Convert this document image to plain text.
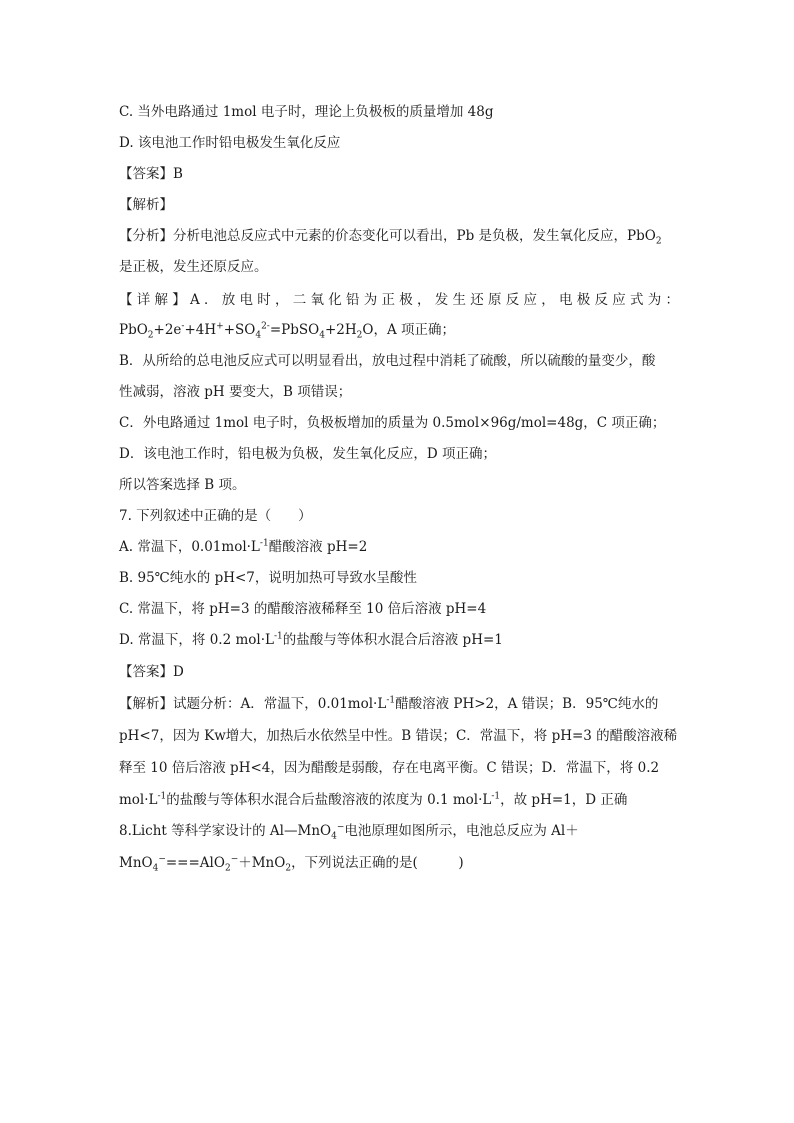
C. 当外电路通过 1mol 电子时，理论上负极板的质量增加 48g
D. 该电池工作时铅电极发生氧化反应
【答案】B
【解析】
【分析】分析电池总反应式中元素的价态变化可以看出，Pb 是负极，发生氧化反应，PbO$_2$
是正极，发生还原反应。
【详解】A．放电时，二氧化铅为正极，发生还原反应，电极反应式为：
$PbO_2+2e^-+4H^++SO_4^{2-}=PbSO_4+2H_2O$，A 项正确；
B．从所给的总电池反应式可以明显看出，放电过程中消耗了硫酸，所以硫酸的量变少，酸
性减弱，溶液 pH 要变大，B 项错误；
C．外电路通过 1mol 电子时，负极板增加的质量为 0.5mol×96g/mol=48g，C 项正确；
D．该电池工作时，铅电极为负极，发生氧化反应，D 项正确；
所以答案选择 B 项。
7. 下列叙述中正确的是（　　）
A. 常温下，$0.01mol\cdot L^{-1}$醋酸溶液 pH=2
B. 95℃纯水的 pH<7，说明加热可导致水呈酸性
C. 常温下，将 pH=3 的醋酸溶液稀释至 10 倍后溶液 pH=4
D. 常温下，将 0.2 $mol\cdot L^{-1}$的盐酸与等体积水混合后溶液 pH=1
【答案】D
【解析】试题分析：A．常温下，$0.01mol\cdot L^{-1}$醋酸溶液 PH>2，A 错误；B．95℃纯水的
pH<7，因为 Kw增大，加热后水依然呈中性。B 错误；C．常温下，将 pH=3 的醋酸溶液稀
释至 10 倍后溶液 pH<4，因为醋酸是弱酸，存在电离平衡。C 错误；D．常温下，将 0.2
$mol\cdot L^{-1}$的盐酸与等体积水混合后盐酸溶液的浓度为 0.1 $mol\cdot L^{-1}$，故 pH=1，D 正确
8.Licht 等科学家设计的 Al—MnO$_4$−电池原理如图所示，电池总反应为 Al＋
MnO$_4$−===AlO$_2$−＋MnO$_2$，下列说法正确的是(　　　)
